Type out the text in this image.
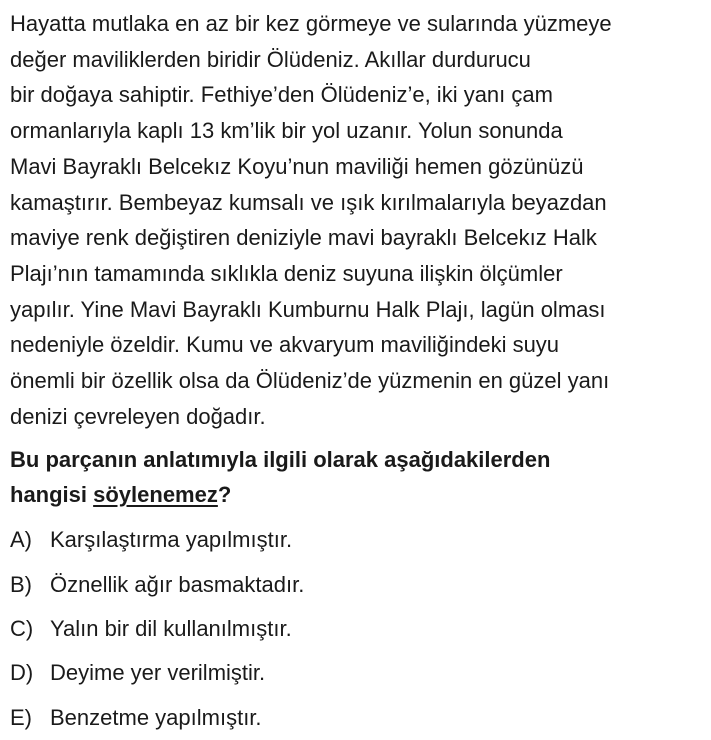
Hayatta mutlaka en az bir kez görmeye ve sularında yüzmeye
değer maviliklerden biridir Ölüdeniz. Akıllar durdurucu
bir doğaya sahiptir. Fethiye’den Ölüdeniz’e, iki yanı çam
ormanlarıyla kaplı 13 km’lik bir yol uzanır. Yolun sonunda
Mavi Bayraklı Belcekız Koyu’nun maviliği hemen gözünüzü
kamaştırır. Bembeyaz kumsalı ve ışık kırılmalarıyla beyazdan
maviye renk değiştiren deniziyle mavi bayraklı Belcekız Halk
Plajı’nın tamamında sıklıkla deniz suyuna ilişkin ölçümler
yapılır. Yine Mavi Bayraklı Kumburnu Halk Plajı, lagün olması
nedeniyle özeldir. Kumu ve akvaryum maviliğindeki suyu
önemli bir özellik olsa da Ölüdeniz’de yüzmenin en güzel yanı
denizi çevreleyen doğadır.
Bu parçanın anlatımıyla ilgili olarak aşağıdakilerden
hangisi söylenemez?
A) Karşılaştırma yapılmıştır.
B) Öznellik ağır basmaktadır.
C) Yalın bir dil kullanılmıştır.
D) Deyime yer verilmiştir.
E) Benzetme yapılmıştır.
